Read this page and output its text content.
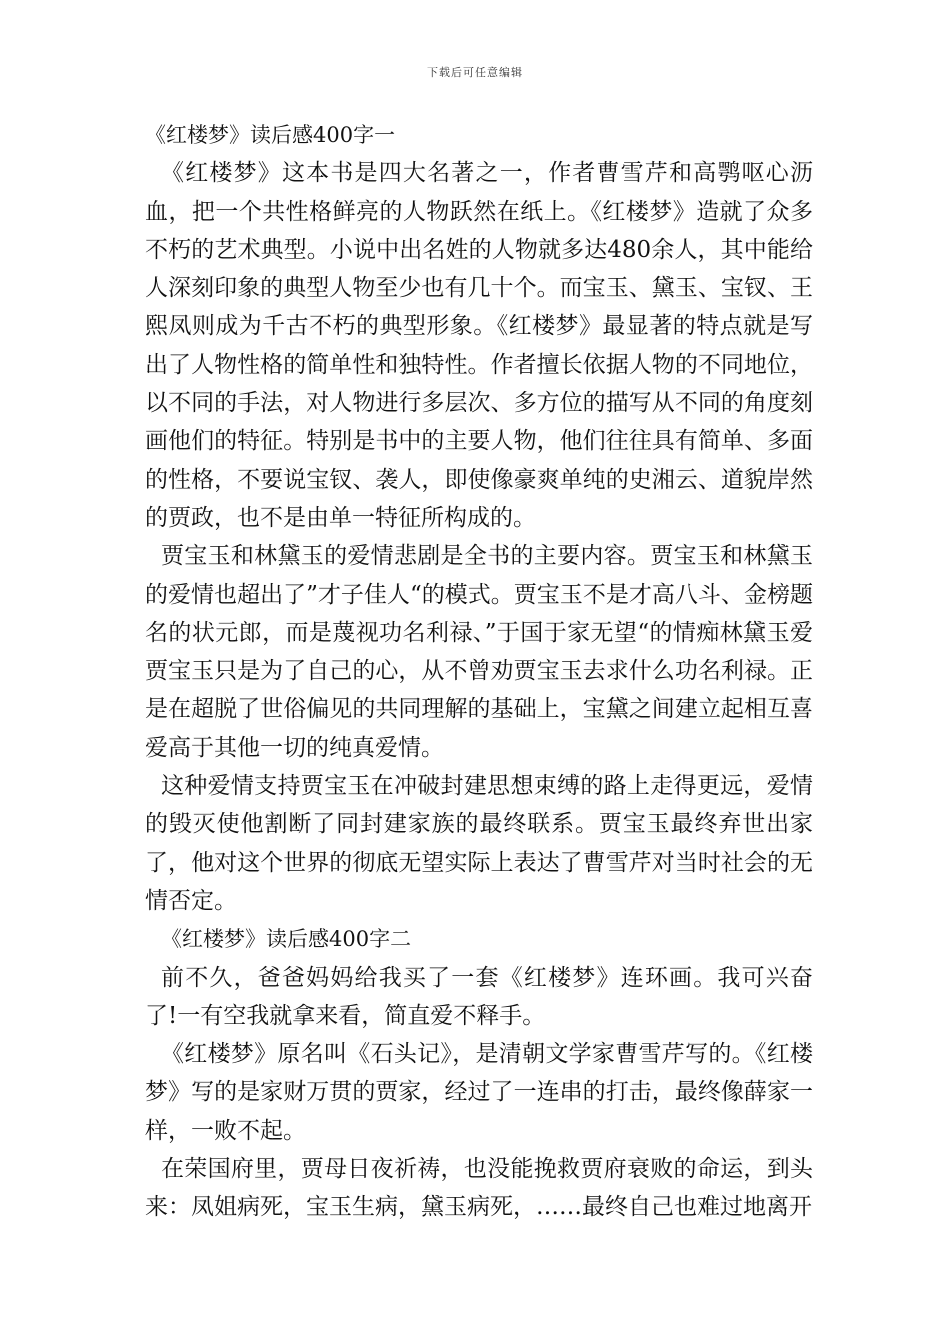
下载后可任意编辑

《红楼梦》读后感400字一

《红楼梦》这本书是四大名著之一，作者曹雪芹和高鹗呕心沥血，把一个共性格鲜亮的人物跃然在纸上。《红楼梦》造就了众多不朽的艺术典型。小说中出名姓的人物就多达480余人，其中能给人深刻印象的典型人物至少也有几十个。而宝玉、黛玉、宝钗、王熙凤则成为千古不朽的典型形象。《红楼梦》最显著的特点就是写出了人物性格的简单性和独特性。作者擅长依据人物的不同地位，以不同的手法，对人物进行多层次、多方位的描写从不同的角度刻画他们的特征。特别是书中的主要人物，他们往往具有简单、多面的性格，不要说宝钗、袭人，即使像豪爽单纯的史湘云、道貌岸然的贾政，也不是由单一特征所构成的。

贾宝玉和林黛玉的爱情悲剧是全书的主要内容。贾宝玉和林黛玉的爱情也超出了”才子佳人“的模式。贾宝玉不是才高八斗、金榜题名的状元郎，而是蔑视功名利禄、”于国于家无望“的情痴林黛玉爱贾宝玉只是为了自己的心，从不曾劝贾宝玉去求什么功名利禄。正是在超脱了世俗偏见的共同理解的基础上，宝黛之间建立起相互喜爱高于其他一切的纯真爱情。

这种爱情支持贾宝玉在冲破封建思想束缚的路上走得更远，爱情的毁灭使他割断了同封建家族的最终联系。贾宝玉最终弃世出家了，他对这个世界的彻底无望实际上表达了曹雪芹对当时社会的无情否定。

《红楼梦》读后感400字二

前不久，爸爸妈妈给我买了一套《红楼梦》连环画。我可兴奋了!一有空我就拿来看，简直爱不释手。

《红楼梦》原名叫《石头记》，是清朝文学家曹雪芹写的。《红楼梦》写的是家财万贯的贾家，经过了一连串的打击，最终像薛家一样，一败不起。

在荣国府里，贾母日夜祈祷，也没能挽救贾府衰败的命运，到头来：凤姐病死，宝玉生病，黛玉病死，……最终自己也难过地离开
